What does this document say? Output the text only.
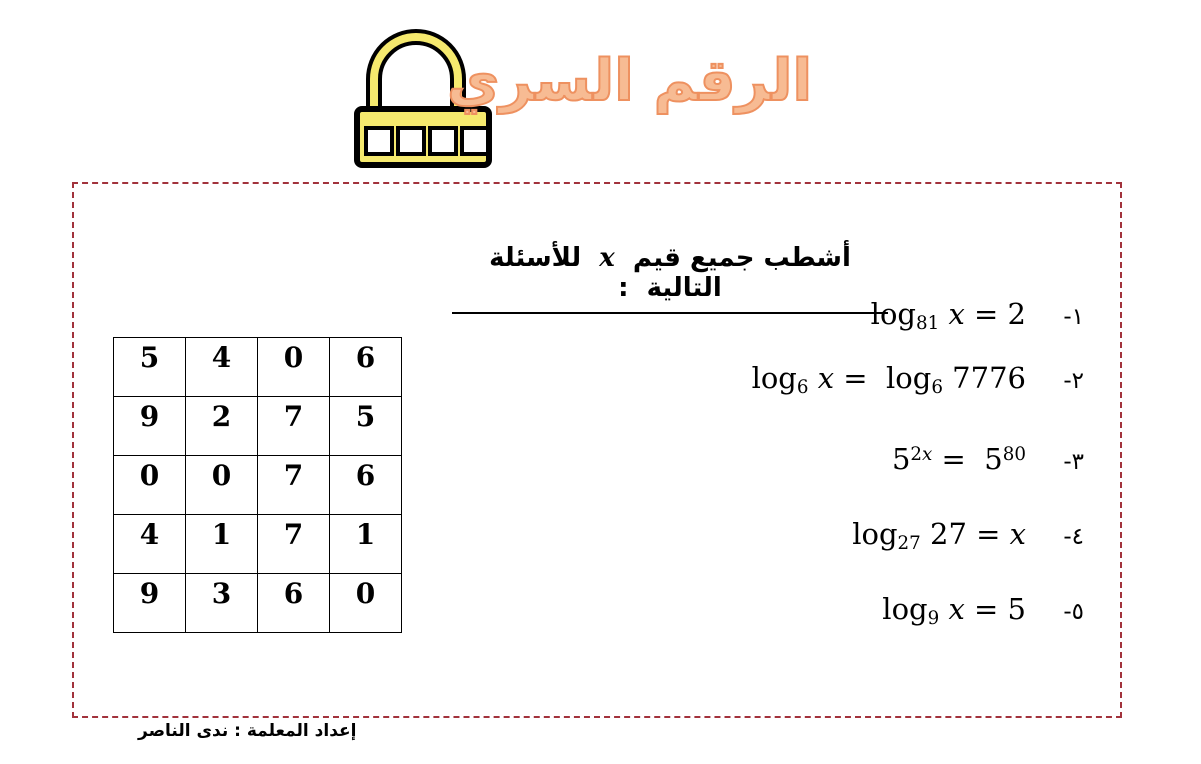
الرقم السري
أشطب جميع قيم  x  للأسئلة التالية  :
5	4	0	6
9	2	7	5
0	0	7	6
4	1	7	1
9	3	6	0
$\log_{81} x = 2$	-١
$\log_6 x = \log_6 7776$	-٢
$5^{2x} = 5^{80}$	-٣
$\log_{27} 27 = x$	-٤
$\log_9 x = 5$	-٥
إعداد المعلمة : ندى الناصر
